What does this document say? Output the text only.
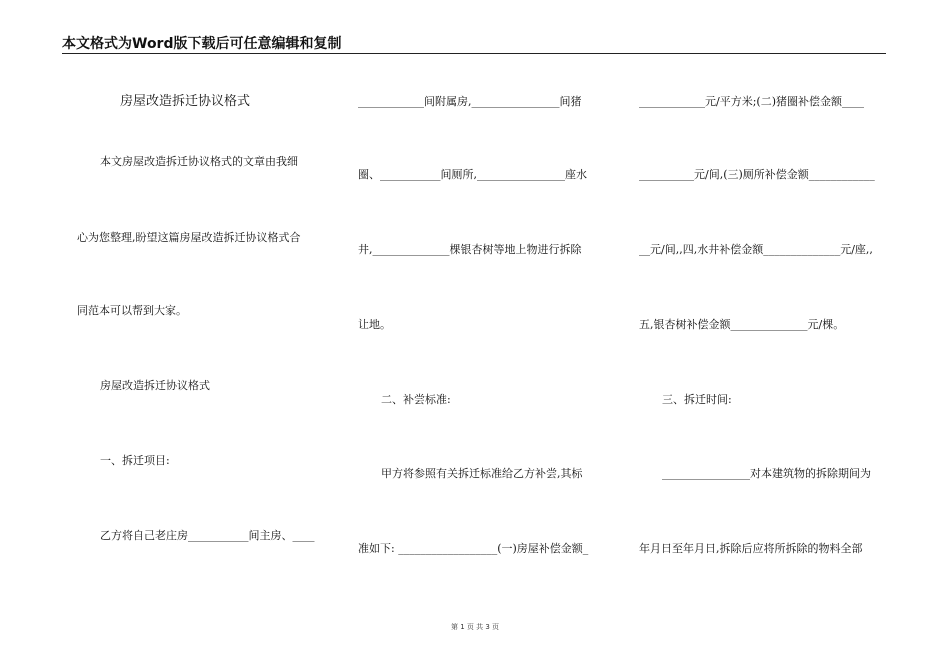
本文格式为Word版下载后可任意编辑和复制
房屋改造拆迁协议格式
本文房屋改造拆迁协议格式的文章由我细
心为您整理,盼望这篇房屋改造拆迁协议格式合
同范本可以帮到大家。
房屋改造拆迁协议格式
一、拆迁项目:
乙方将自己老庄房___________间主房、____
____________间附属房,________________间猪
圈、___________间厕所,________________座水
井,______________棵银杏树等地上物进行拆除
让地。
二、补尝标准:
甲方将参照有关拆迁标准给乙方补尝,其标
准如下: __________________(一)房屋补偿金额_
____________元/平方米;(二)猪圈补偿金额____
__________元/间,(三)厕所补偿金额____________
__元/间,,四,水井补偿金额______________元/座,,
五,银杏树补偿金额______________元/棵。
三、拆迁时间:
________________对本建筑物的拆除期间为
年月日至年月日,拆除后应将所拆除的物料全部
第 1 页 共 3 页
